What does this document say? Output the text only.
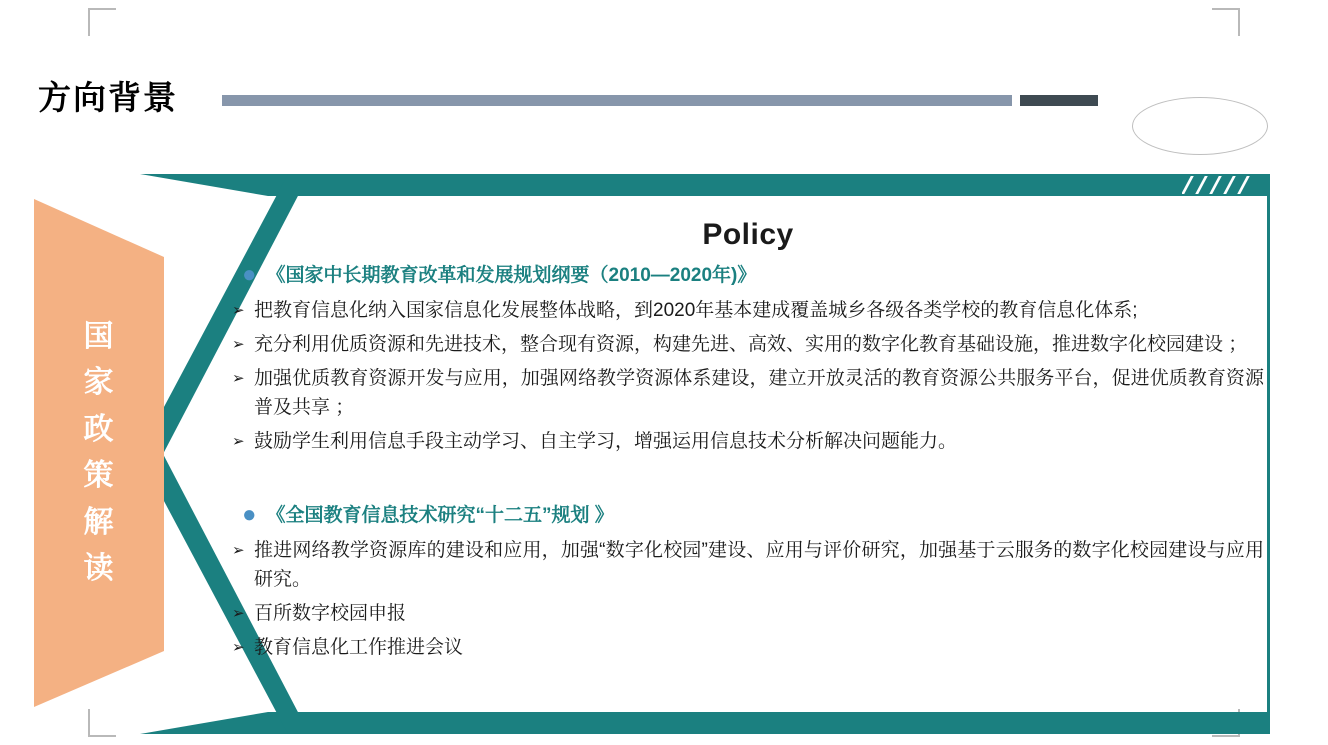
方向背景
国
家
政
策
解
读
Policy
● 《国家中长期教育改革和发展规划纲要（2010—2020年)》
➢ 把教育信息化纳入国家信息化发展整体战略，到2020年基本建成覆盖城乡各级各类学校的教育信息化体系;
➢ 充分利用优质资源和先进技术，整合现有资源，构建先进、高效、实用的数字化教育基础设施，推进数字化校园建设 ；
➢ 加强优质教育资源开发与应用，加强网络教学资源体系建设，建立开放灵活的教育资源公共服务平台，促进优质教育资源普及共享 ；
➢ 鼓励学生利用信息手段主动学习、自主学习，增强运用信息技术分析解决问题能力。
● 《全国教育信息技术研究“十二五”规划 》
➢ 推进网络教学资源库的建设和应用，加强“数字化校园”建设、应用与评价研究，加强基于云服务的数字化校园建设与应用研究。
➢ 百所数字校园申报
➢ 教育信息化工作推进会议
